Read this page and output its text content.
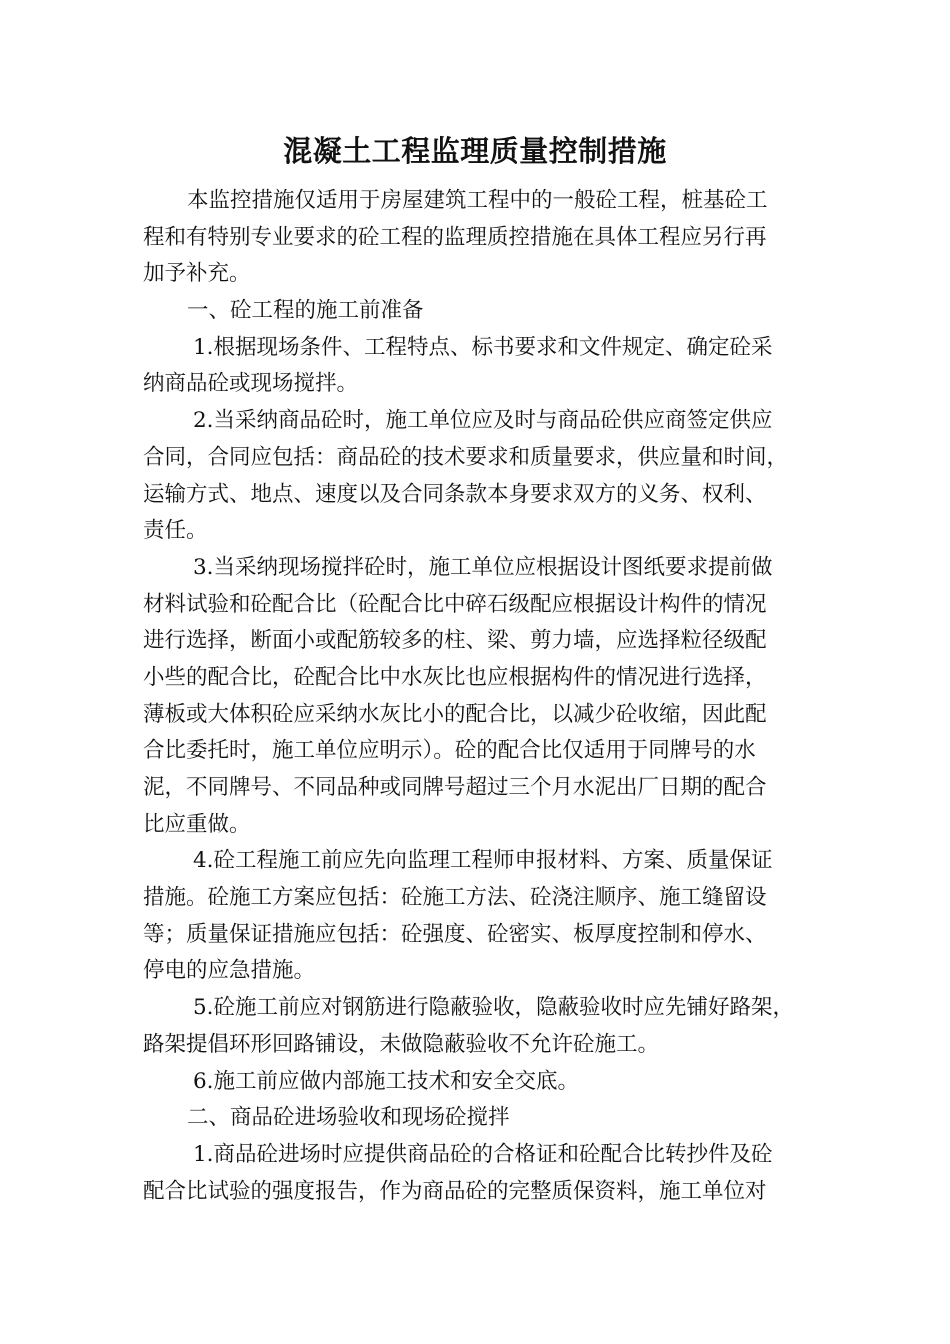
混凝土工程监理质量控制措施
本监控措施仅适用于房屋建筑工程中的一般砼工程，桩基砼工
程和有特别专业要求的砼工程的监理质控措施在具体工程应另行再
加予补充。
一、砼工程的施工前准备
1.根据现场条件、工程特点、标书要求和文件规定、确定砼采
纳商品砼或现场搅拌。
2.当采纳商品砼时，施工单位应及时与商品砼供应商签定供应
合同，合同应包括：商品砼的技术要求和质量要求，供应量和时间，
运输方式、地点、速度以及合同条款本身要求双方的义务、权利、
责任。
3.当采纳现场搅拌砼时，施工单位应根据设计图纸要求提前做
材料试验和砼配合比（砼配合比中碎石级配应根据设计构件的情况
进行选择，断面小或配筋较多的柱、梁、剪力墙，应选择粒径级配
小些的配合比，砼配合比中水灰比也应根据构件的情况进行选择，
薄板或大体积砼应采纳水灰比小的配合比，以减少砼收缩，因此配
合比委托时，施工单位应明示）。砼的配合比仅适用于同牌号的水
泥，不同牌号、不同品种或同牌号超过三个月水泥出厂日期的配合
比应重做。
4.砼工程施工前应先向监理工程师申报材料、方案、质量保证
措施。砼施工方案应包括：砼施工方法、砼浇注顺序、施工缝留设
等；质量保证措施应包括：砼强度、砼密实、板厚度控制和停水、
停电的应急措施。
5.砼施工前应对钢筋进行隐蔽验收，隐蔽验收时应先铺好路架，
路架提倡环形回路铺设，未做隐蔽验收不允许砼施工。
6.施工前应做内部施工技术和安全交底。
二、商品砼进场验收和现场砼搅拌
1.商品砼进场时应提供商品砼的合格证和砼配合比转抄件及砼
配合比试验的强度报告，作为商品砼的完整质保资料，施工单位对
